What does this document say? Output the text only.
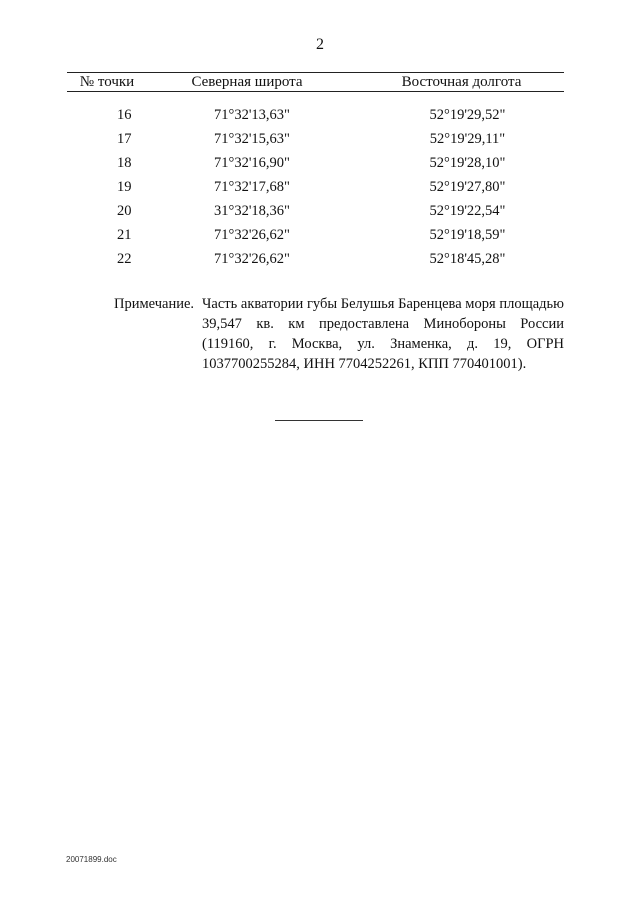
2
№ точки	Северная широта	Восточная долгота
16	71°32'13,63"	52°19'29,52"
17	71°32'15,63"	52°19'29,11"
18	71°32'16,90"	52°19'28,10"
19	71°32'17,68"	52°19'27,80"
20	31°32'18,36"	52°19'22,54"
21	71°32'26,62"	52°19'18,59"
22	71°32'26,62"	52°18'45,28"
Примечание. Часть акватории губы Белушья Баренцева моря площадью 39,547 кв. км предоставлена Минобороны России (119160, г. Москва, ул. Знаменка, д. 19, ОГРН 1037700255284, ИНН 7704252261, КПП 770401001).
20071899.doc
